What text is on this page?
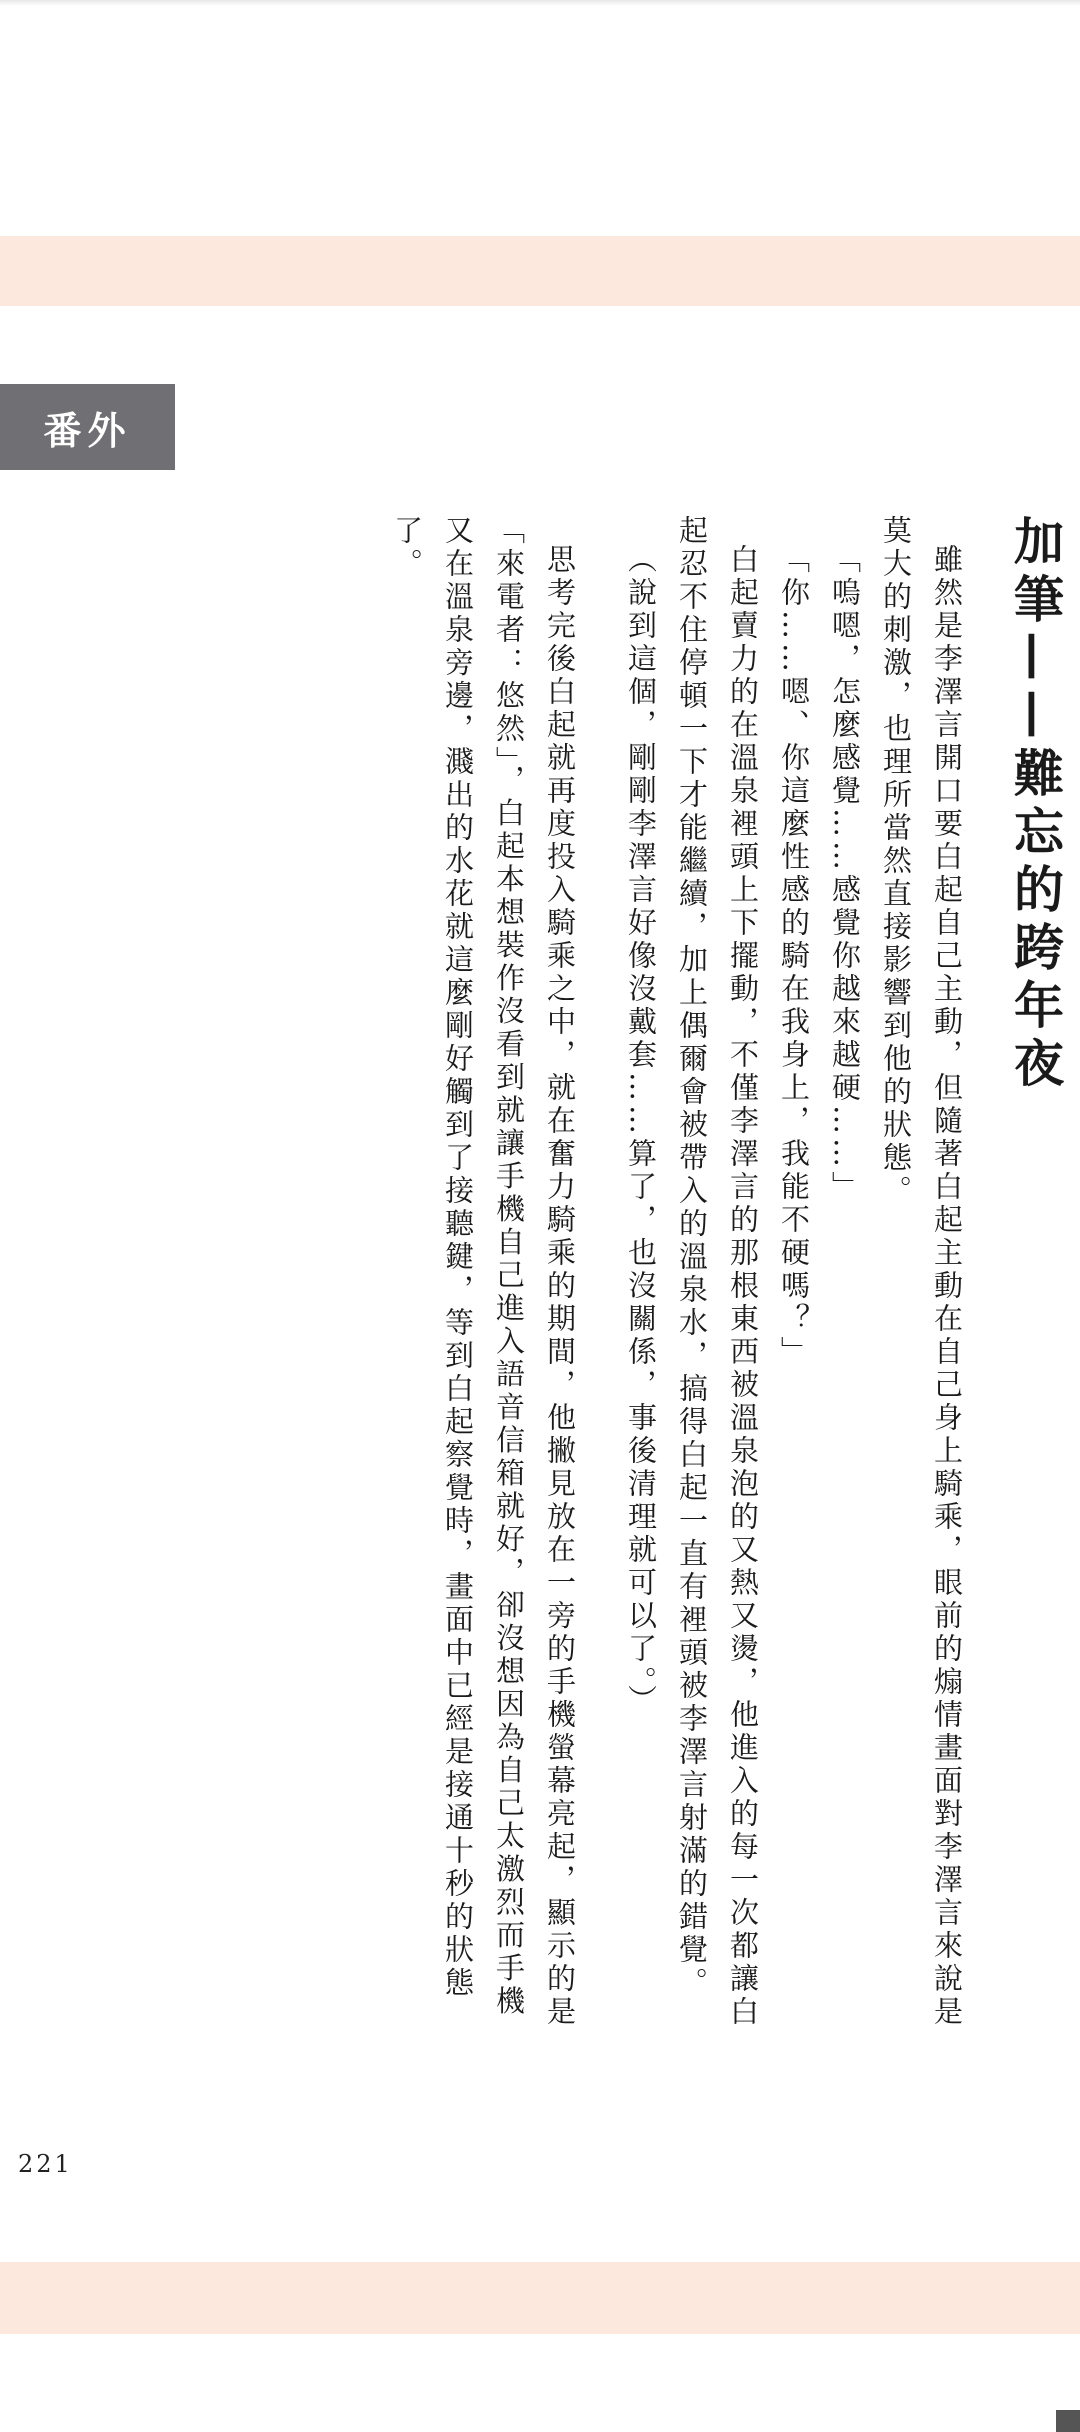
番外
加筆——難忘的跨年夜

雖然是李澤言開口要白起自己主動，但隨著白起主動在自己身上騎乘，眼前的煽情畫面對李澤言來說是莫大的刺激，也理所當然直接影響到他的狀態。

「嗚嗯，怎麼感覺……感覺你越來越硬……」

「你……嗯、你這麼性感的騎在我身上，我能不硬嗎？」

白起賣力的在溫泉裡頭上下擺動，不僅李澤言的那根東西被溫泉泡的又熱又燙，他進入的每一次都讓白起忍不住停頓一下才能繼續，加上偶爾會被帶入的溫泉水，搞得白起一直有裡頭被李澤言射滿的錯覺。

（說到這個，剛剛李澤言好像沒戴套……算了，也沒關係，事後清理就可以了。）

思考完後白起就再度投入騎乘之中，就在奮力騎乘的期間，他撇見放在一旁的手機螢幕亮起，顯示的是「來電者：悠然」，白起本想裝作沒看到就讓手機自己進入語音信箱就好，卻沒想因為自己太激烈而手機又在溫泉旁邊，濺出的水花就這麼剛好觸到了接聽鍵，等到白起察覺時，畫面中已經是接通十秒的狀態了。

221
